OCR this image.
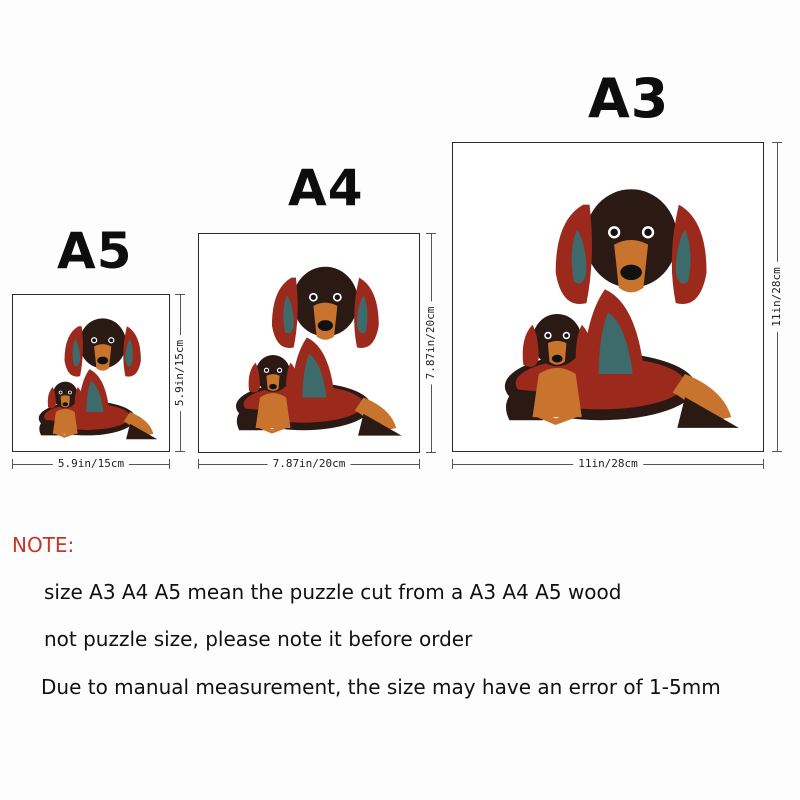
A5
5.9in/15cm
5.9in/15cm
A4
7.87in/20cm
7.87in/20cm
A3
11in/28cm
11in/28cm
NOTE:
size A3 A4 A5 mean the puzzle cut from a A3 A4 A5 wood
not puzzle size, please note it before order
Due to manual measurement, the size may have an error of 1-5mm
